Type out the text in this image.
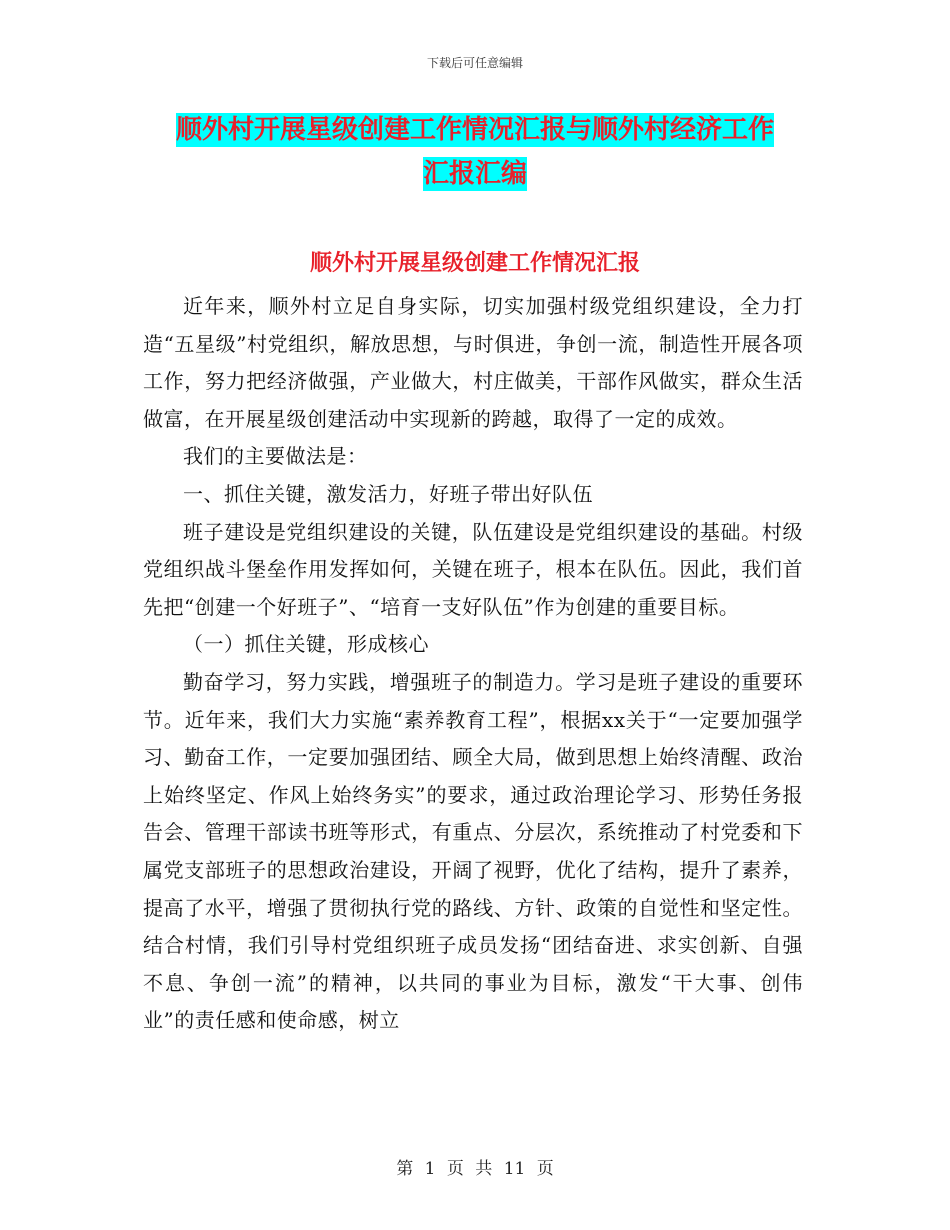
下载后可任意编辑
顺外村开展星级创建工作情况汇报与顺外村经济工作
汇报汇编
顺外村开展星级创建工作情况汇报

近年来，顺外村立足自身实际，切实加强村级党组织建设，全力打造“五星级”村党组织，解放思想，与时俱进，争创一流，制造性开展各项工作，努力把经济做强，产业做大，村庄做美，干部作风做实，群众生活做富，在开展星级创建活动中实现新的跨越，取得了一定的成效。

我们的主要做法是：

一、抓住关键，激发活力，好班子带出好队伍

班子建设是党组织建设的关键，队伍建设是党组织建设的基础。村级党组织战斗堡垒作用发挥如何，关键在班子，根本在队伍。因此，我们首先把“创建一个好班子”、“培育一支好队伍”作为创建的重要目标。

（一）抓住关键，形成核心

勤奋学习，努力实践，增强班子的制造力。学习是班子建设的重要环节。近年来，我们大力实施“素养教育工程”，根据xx关于“一定要加强学习、勤奋工作，一定要加强团结、顾全大局，做到思想上始终清醒、政治上始终坚定、作风上始终务实”的要求，通过政治理论学习、形势任务报告会、管理干部读书班等形式，有重点、分层次，系统推动了村党委和下属党支部班子的思想政治建设，开阔了视野，优化了结构，提升了素养，提高了水平，增强了贯彻执行党的路线、方针、政策的自觉性和坚定性。结合村情，我们引导村党组织班子成员发扬“团结奋进、求实创新、自强不息、争创一流”的精神，以共同的事业为目标，激发“干大事、创伟业”的责任感和使命感，树立

第 1 页 共 11 页
